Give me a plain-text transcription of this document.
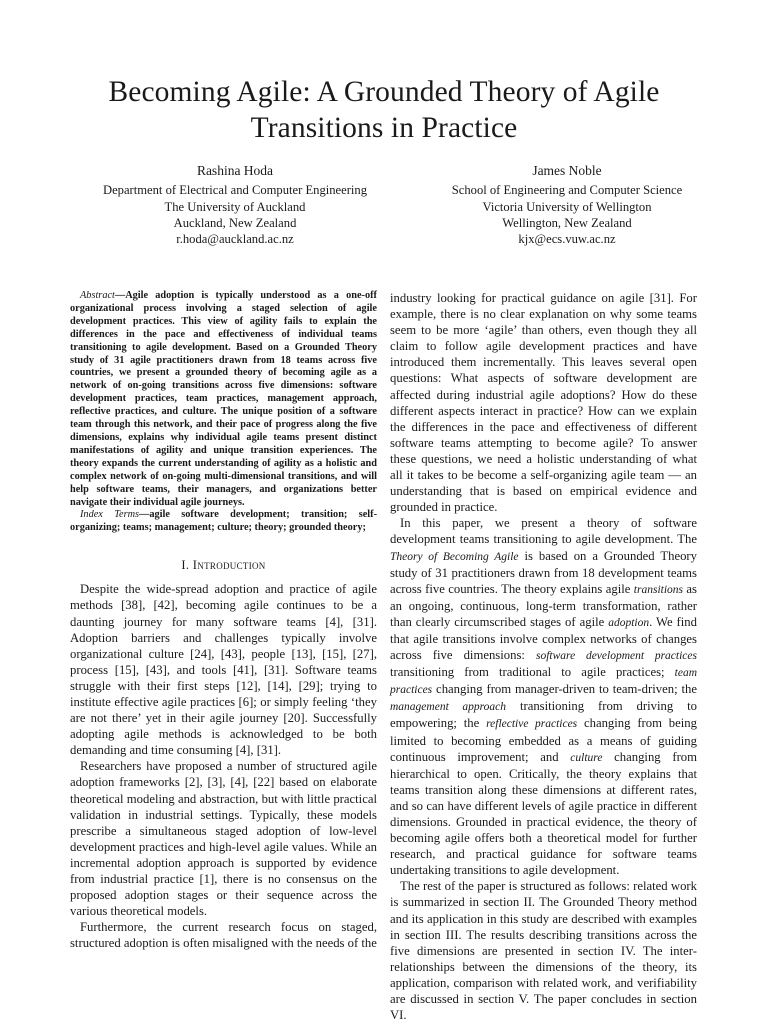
Becoming Agile: A Grounded Theory of Agile
Transitions in Practice
Rashina Hoda
Department of Electrical and Computer Engineering
The University of Auckland
Auckland, New Zealand
r.hoda@auckland.ac.nz
James Noble
School of Engineering and Computer Science
Victoria University of Wellington
Wellington, New Zealand
kjx@ecs.vuw.ac.nz

Abstract—Agile adoption is typically understood as a one-off organizational process involving a staged selection of agile development practices. This view of agility fails to explain the differences in the pace and effectiveness of individual teams transitioning to agile development. Based on a Grounded Theory study of 31 agile practitioners drawn from 18 teams across five countries, we present a grounded theory of becoming agile as a network of on-going transitions across five dimensions: software development practices, team practices, management approach, reflective practices, and culture. The unique position of a software team through this network, and their pace of progress along the five dimensions, explains why individual agile teams present distinct manifestations of agility and unique transition experiences. The theory expands the current understanding of agility as a holistic and complex network of on-going multi-dimensional transitions, and will help software teams, their managers, and organizations better navigate their individual agile journeys.

Index Terms—agile software development; transition; self-organizing; teams; management; culture; theory; grounded theory;

I. Introduction

Despite the wide-spread adoption and practice of agile methods [38], [42], becoming agile continues to be a daunting journey for many software teams [4], [31]. Adoption barriers and challenges typically involve organizational culture [24], [43], people [13], [15], [27], process [15], [43], and tools [41], [31]. Software teams struggle with their first steps [12], [14], [29]; trying to institute effective agile practices [6]; or simply feeling ‘they are not there’ yet in their agile journey [20]. Successfully adopting agile methods is acknowledged to be both demanding and time consuming [4], [31].

Researchers have proposed a number of structured agile adoption frameworks [2], [3], [4], [22] based on elaborate theoretical modeling and abstraction, but with little practical validation in industrial settings. Typically, these models prescribe a simultaneous staged adoption of low-level development practices and high-level agile values. While an incremental adoption approach is supported by evidence from industrial practice [1], there is no consensus on the proposed adoption stages or their sequence across the various theoretical models.

Furthermore, the current research focus on staged, structured adoption is often misaligned with the needs of the

industry looking for practical guidance on agile [31]. For example, there is no clear explanation on why some teams seem to be more ‘agile’ than others, even though they all claim to follow agile development practices and have introduced them incrementally. This leaves several open questions: What aspects of software development are affected during industrial agile adoptions? How do these different aspects interact in practice? How can we explain the differences in the pace and effectiveness of different software teams attempting to become agile? To answer these questions, we need a holistic understanding of what all it takes to be become a self-organizing agile team — an understanding that is based on empirical evidence and grounded in practice.

In this paper, we present a theory of software development teams transitioning to agile development. The Theory of Becoming Agile is based on a Grounded Theory study of 31 practitioners drawn from 18 development teams across five countries. The theory explains agile transitions as an ongoing, continuous, long-term transformation, rather than clearly circumscribed stages of agile adoption. We find that agile transitions involve complex networks of changes across five dimensions: software development practices transitioning from traditional to agile practices; team practices changing from manager-driven to team-driven; the management approach transitioning from driving to empowering; the reflective practices changing from being limited to becoming embedded as a means of guiding continuous improvement; and culture changing from hierarchical to open. Critically, the theory explains that teams transition along these dimensions at different rates, and so can have different levels of agile practice in different dimensions. Grounded in practical evidence, the theory of becoming agile offers both a theoretical model for further research, and practical guidance for software teams undertaking transitions to agile development.

The rest of the paper is structured as follows: related work is summarized in section II. The Grounded Theory method and its application in this study are described with examples in section III. The results describing transitions across the five dimensions are presented in section IV. The inter-relationships between the dimensions of the theory, its application, comparison with related work, and verifiability are discussed in section V. The paper concludes in section VI.
